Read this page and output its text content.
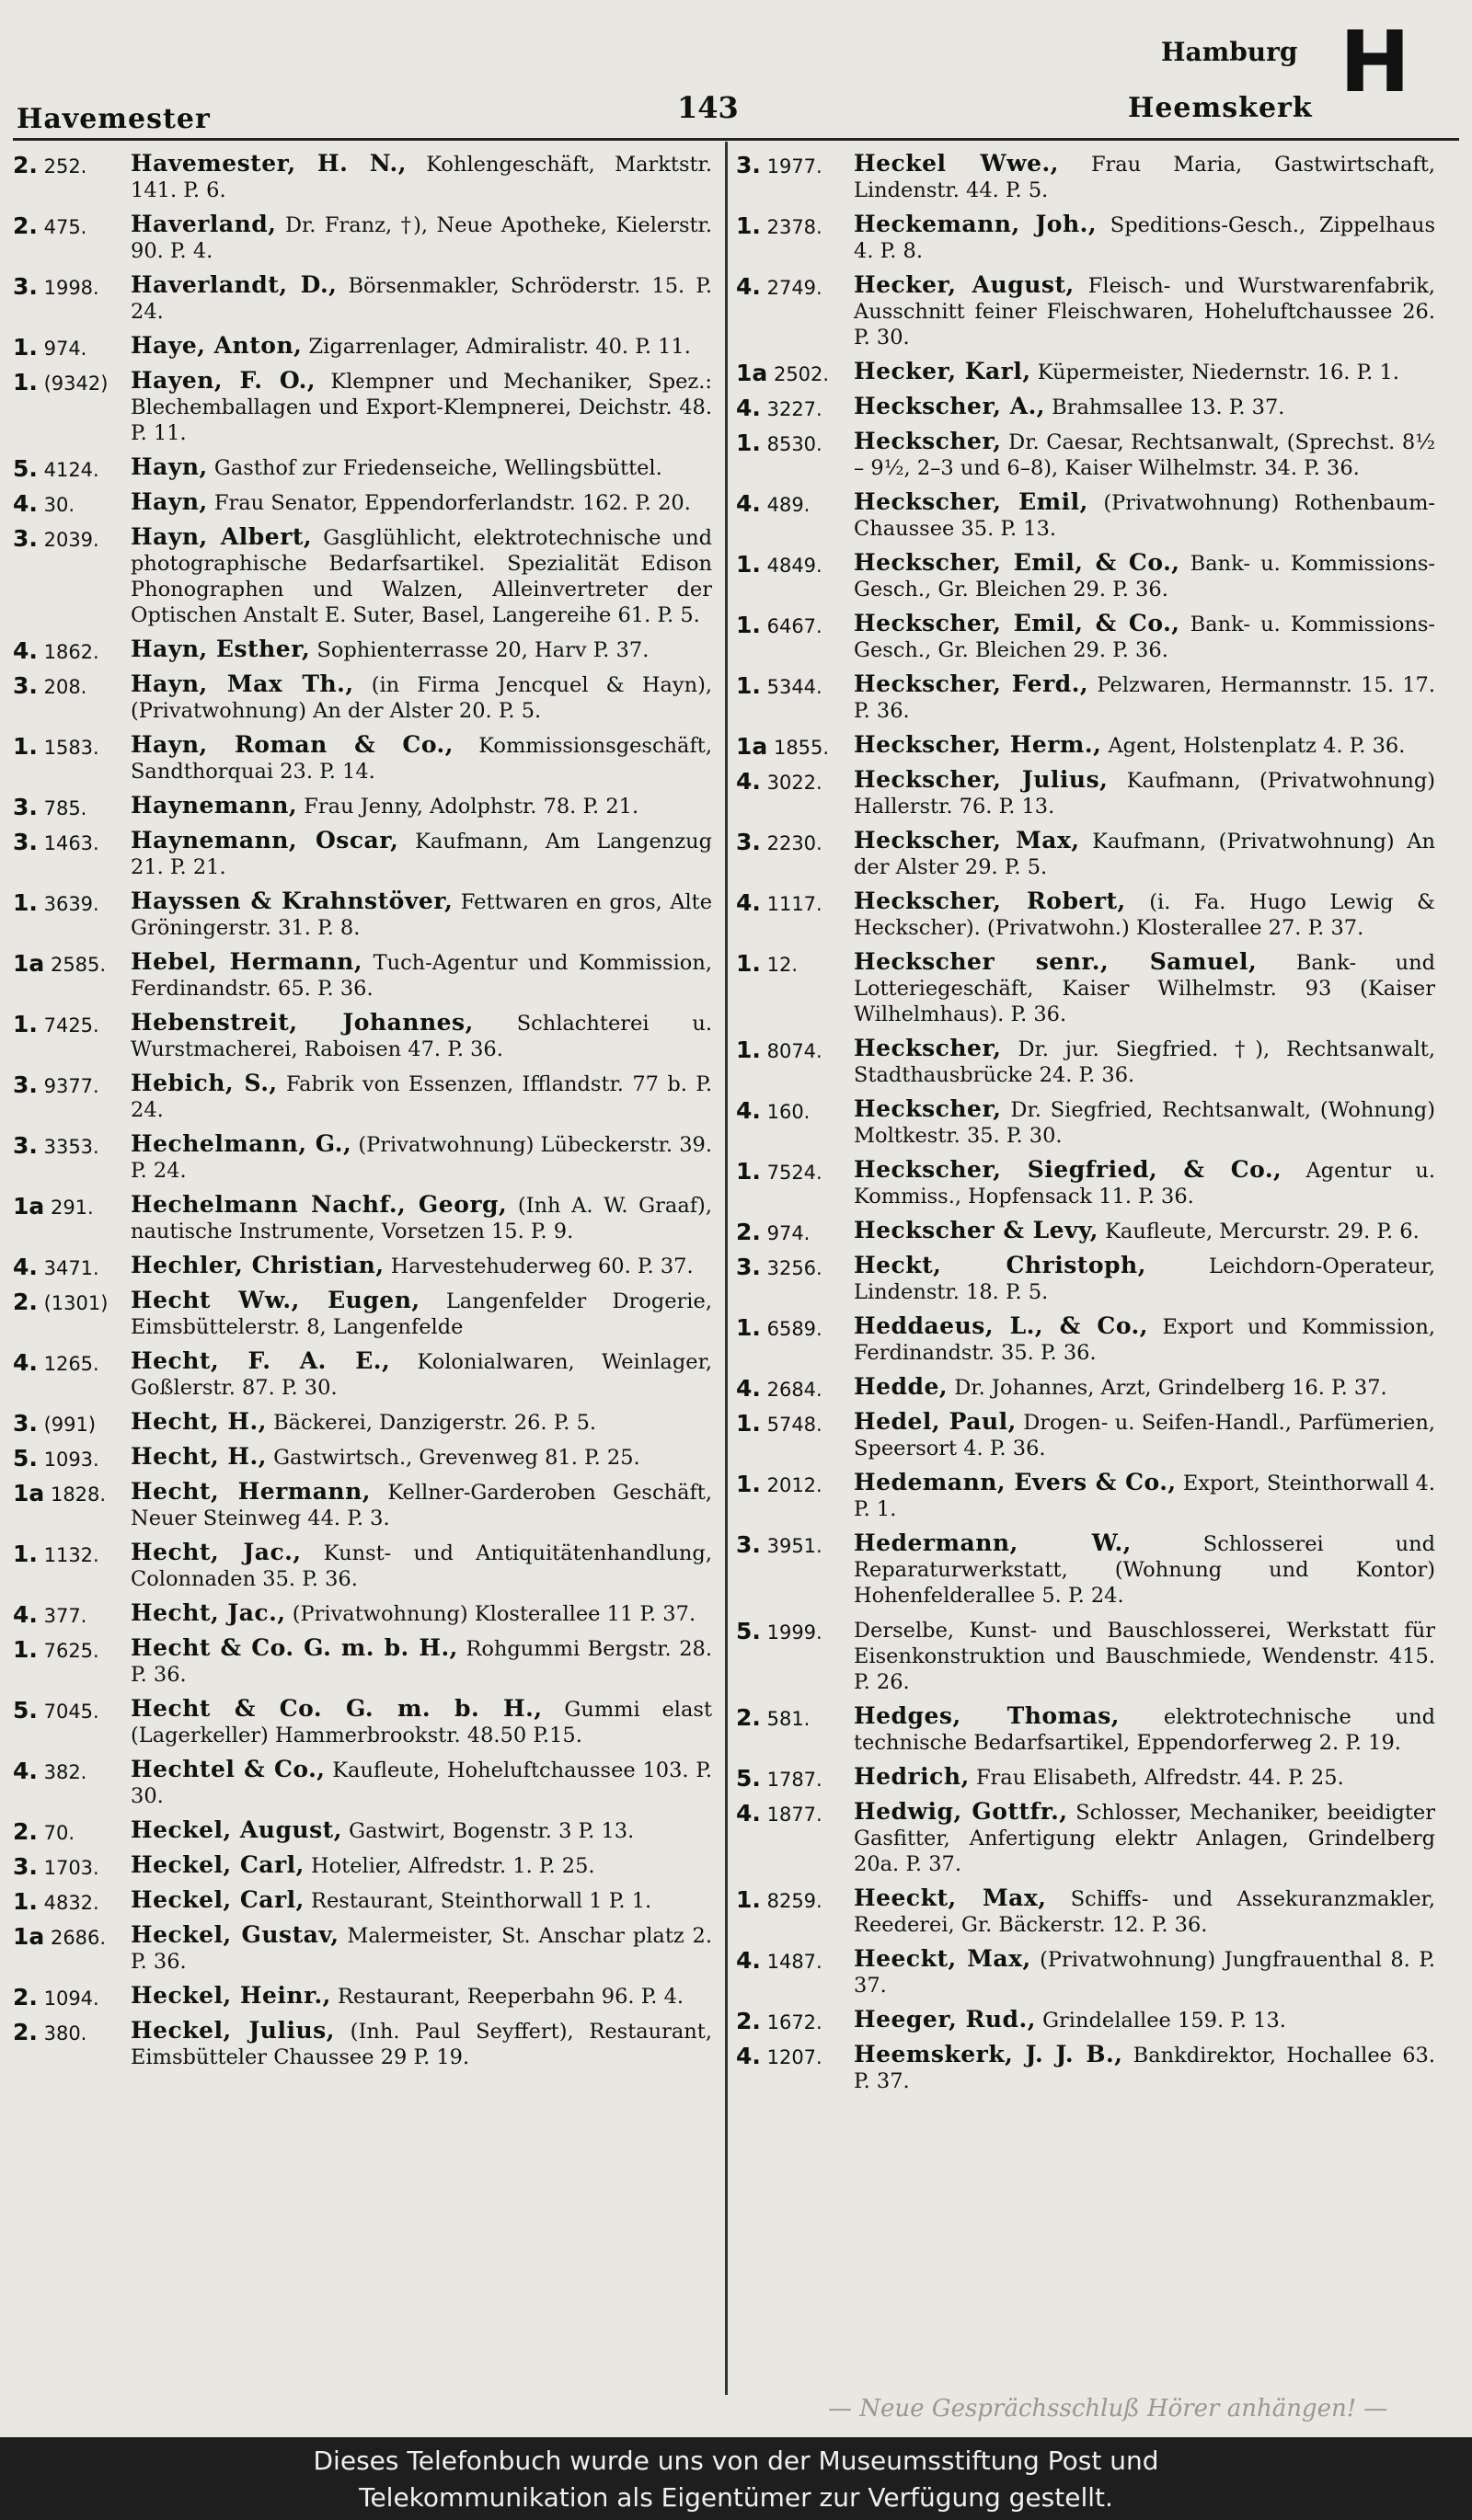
Havemester	143
Hamburg
Heemskerk H
2. 252.	Havemester, H. N., Kohlengeschäft, Marktstr. 141. P. 6.
2. 475.	Haverland, Dr. Franz, †), Neue Apotheke, Kielerstr. 90. P. 4.
3. 1998.	Haverlandt, D., Börsenmakler, Schröderstr. 15. P. 24.
1. 974.	Haye, Anton, Zigarrenlager, Admiralistr. 40. P. 11.
1. (9342) Hayen, F. O., Klempner und Mechaniker, Spez.: Blechemballagen und Export-Klempnerei, Deichstr. 48. P. 11.
5. 4124.	Hayn, Gasthof zur Friedenseiche, Wellingsbüttel.
4. 30.	Hayn, Frau Senator, Eppendorferlandstr. 162. P. 20.
3. 2039.	Hayn, Albert, Gasglühlicht, elektrotechnische und photographische Bedarfsartikel. Spezialität Edison Phonographen und Walzen, Alleinvertreter der Optischen Anstalt E. Suter, Basel, Langereihe 61. P. 5.
4. 1862.	Hayn, Esther, Sophienterrasse 20, Harv P. 37.
3. 208.	Hayn, Max Th., (in Firma Jencquel & Hayn), (Privatwohnung) An der Alster 20. P. 5.
1. 1583.	Hayn, Roman & Co., Kommissionsgeschäft, Sandthorquai 23. P. 14.
3. 785.	Haynemann, Frau Jenny, Adolphstr. 78. P. 21.
3. 1463.	Haynemann, Oscar, Kaufmann, Am Langenzug 21. P. 21.
1. 3639.	Hayssen & Krahnstöver, Fettwaren en gros, Alte Gröningerstr. 31. P. 8.
1a 2585.	Hebel, Hermann, Tuch-Agentur und Kommission, Ferdinandstr. 65. P. 36.
1. 7425.	Hebenstreit, Johannes, Schlachterei u. Wurstmacherei, Raboisen 47. P. 36.
3. 9377.	Hebich, S., Fabrik von Essenzen, Ifflandstr. 77 b. P. 24.
3. 3353.	Hechelmann, G., (Privatwohnung) Lübeckerstr. 39. P. 24.
1a 291.	Hechelmann Nachf., Georg, (Inh A. W. Graaf), nautische Instrumente, Vorsetzen 15. P. 9.
4. 3471.	Hechler, Christian, Harvestehuderweg 60. P. 37.
2. (1301) Hecht Ww., Eugen, Langenfelder Drogerie, Eimsbüttelerstr. 8, Langenfelde
4. 1265.	Hecht, F. A. E., Kolonialwaren, Weinlager, Goßlerstr. 87. P. 30.
3. (991)	Hecht, H., Bäckerei, Danzigerstr. 26. P. 5.
5. 1093.	Hecht, H., Gastwirtsch., Grevenweg 81. P. 25.
1a 1828.	Hecht, Hermann, Kellner-Garderoben Geschäft, Neuer Steinweg 44. P. 3.
1. 1132.	Hecht, Jac., Kunst- und Antiquitätenhandlung, Colonnaden 35. P. 36.
4. 377.	Hecht, Jac., (Privatwohnung) Klosterallee 11 P. 37.
1. 7625.	Hecht & Co. G. m. b. H., Rohgummi Bergstr. 28. P. 36.
5. 7045.	Hecht & Co. G. m. b. H., Gummi elast (Lagerkeller) Hammerbrookstr. 48.50 P.15.
4. 382.	Hechtel & Co., Kaufleute, Hoheluftchaussee 103. P. 30.
2. 70.	Heckel, August, Gastwirt, Bogenstr. 3 P. 13.
3. 1703.	Heckel, Carl, Hotelier, Alfredstr. 1. P. 25.
1. 4832.	Heckel, Carl, Restaurant, Steinthorwall 1 P. 1.
1a 2686.	Heckel, Gustav, Malermeister, St. Anschar platz 2. P. 36.
2. 1094.	Heckel, Heinr., Restaurant, Reeperbahn 96. P. 4.
2. 380.	Heckel, Julius, (Inh. Paul Seyffert), Restaurant, Eimsbütteler Chaussee 29 P. 19.
3. 1977.	Heckel Wwe., Frau Maria, Gastwirtschaft, Lindenstr. 44. P. 5.
1. 2378.	Heckemann, Joh., Speditions-Gesch., Zippelhaus 4. P. 8.
4. 2749.	Hecker, August, Fleisch- und Wurstwarenfabrik, Ausschnitt feiner Fleischwaren, Hoheluftchaussee 26. P. 30.
1a 2502.	Hecker, Karl, Küpermeister, Niedernstr. 16. P. 1.
4. 3227.	Heckscher, A., Brahmsallee 13. P. 37.
1. 8530.	Heckscher, Dr. Caesar, Rechtsanwalt, (Sprechst. 8½ – 9½, 2–3 und 6–8), Kaiser Wilhelmstr. 34. P. 36.
4. 489.	Heckscher, Emil, (Privatwohnung) Rothenbaum-Chaussee 35. P. 13.
1. 4849.	Heckscher, Emil, & Co., Bank- u. Kommissions-Gesch., Gr. Bleichen 29. P. 36.
1. 6467.	Heckscher, Emil, & Co., Bank- u. Kommissions-Gesch., Gr. Bleichen 29. P. 36.
1. 5344.	Heckscher, Ferd., Pelzwaren, Hermannstr. 15. 17. P. 36.
1a 1855.	Heckscher, Herm., Agent, Holstenplatz 4. P. 36.
4. 3022.	Heckscher, Julius, Kaufmann, (Privatwohnung) Hallerstr. 76. P. 13.
3. 2230.	Heckscher, Max, Kaufmann, (Privatwohnung) An der Alster 29. P. 5.
4. 1117.	Heckscher, Robert, (i. Fa. Hugo Lewig & Heckscher). (Privatwohn.) Klosterallee 27. P. 37.
1. 12.	Heckscher senr., Samuel, Bank- und Lotteriegeschäft, Kaiser Wilhelmstr. 93 (Kaiser Wilhelmhaus). P. 36.
1. 8074.	Heckscher, Dr. jur. Siegfried. †), Rechtsanwalt, Stadthausbrücke 24. P. 36.
4. 160.	Heckscher, Dr. Siegfried, Rechtsanwalt, (Wohnung) Moltkestr. 35. P. 30.
1. 7524.	Heckscher, Siegfried, & Co., Agentur u. Kommiss., Hopfensack 11. P. 36.
2. 974.	Heckscher & Levy, Kaufleute, Mercurstr. 29. P. 6.
3. 3256.	Heckt, Christoph,	Leichdorn-Operateur, Lindenstr. 18. P. 5.
1. 6589.	Heddaeus, L., & Co., Export und Kommission, Ferdinandstr. 35. P. 36.
4. 2684.	Hedde, Dr. Johannes, Arzt, Grindelberg 16. P. 37.
1. 5748.	Hedel, Paul, Drogen- u. Seifen-Handl., Parfümerien, Speersort 4. P. 36.
1. 2012.	Hedemann, Evers & Co., Export, Steinthorwall 4. P. 1.
3. 3951.	Hedermann, W.,	Schlosserei und Reparaturwerkstatt, (Wohnung und Kontor) Hohenfelderallee 5. P. 24.
5. 1999.	Derselbe, Kunst- und Bauschlosserei, Werkstatt für Eisenkonstruktion und Bauschmiede, Wendenstr. 415. P. 26.
2. 581.	Hedges, Thomas, elektrotechnische und technische Bedarfsartikel, Eppendorferweg 2. P. 19.
5. 1787.	Hedrich, Frau Elisabeth, Alfredstr. 44. P. 25.
4. 1877.	Hedwig, Gottfr., Schlosser, Mechaniker, beeidigter Gasfitter, Anfertigung elektr Anlagen, Grindelberg 20a. P. 37.
1. 8259.	Heeckt, Max, Schiffs- und Assekuranzmakler, Reederei, Gr. Bäckerstr. 12. P. 36.
4. 1487.	Heeckt, Max, (Privatwohnung) Jungfrauenthal 8. P. 37.
2. 1672.	Heeger, Rud., Grindelallee 159. P. 13.
4. 1207.	Heemskerk, J. J. B., Bankdirektor, Hochallee 63. P. 37.
— Neue Gesprächsschluß Hörer anhängen! —
Dieses Telefonbuch wurde uns von der Museumsstiftung Post und
Telekommunikation als Eigentümer zur Verfügung gestellt.
